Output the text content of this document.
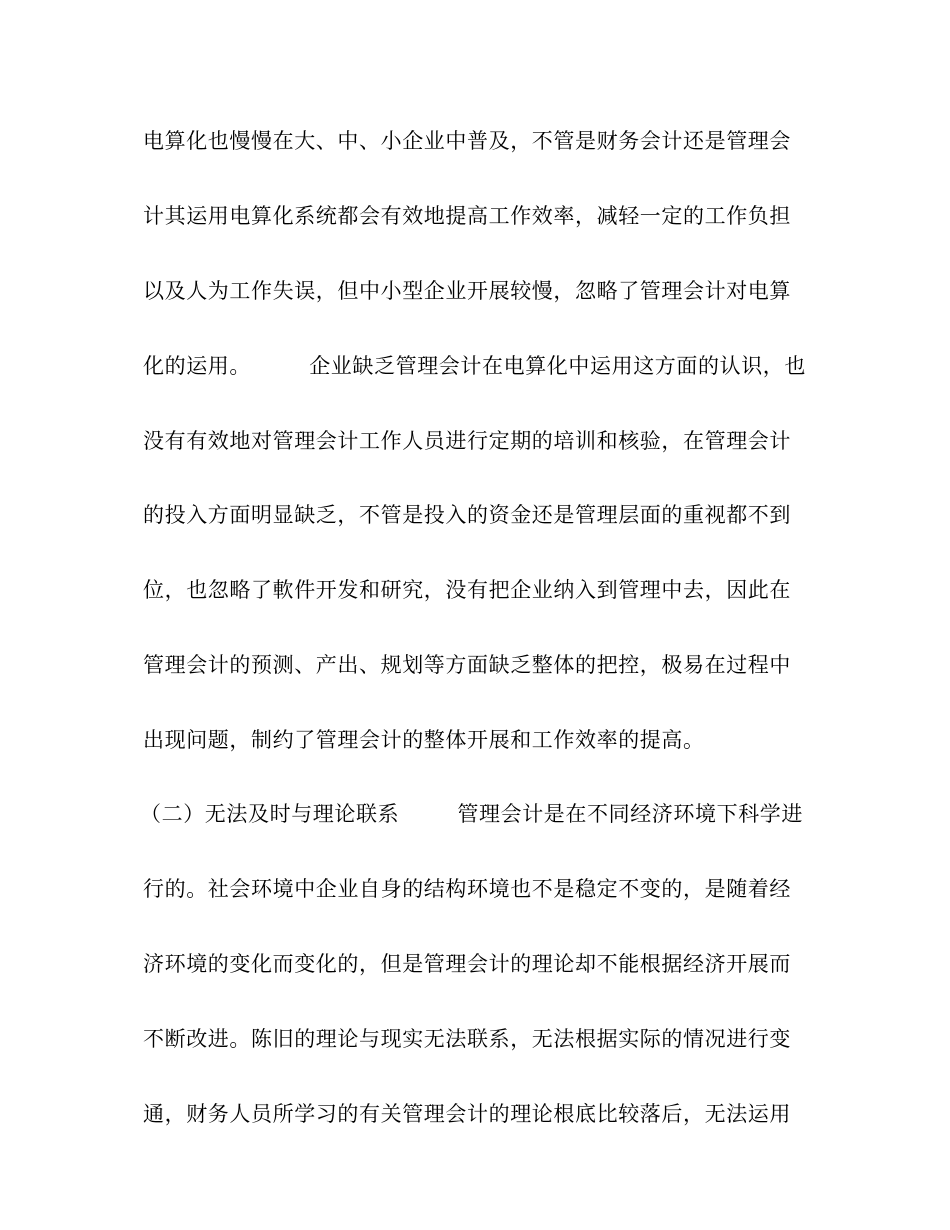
电算化也慢慢在大、中、小企业中普及，不管是财务会计还是管理会
计其运用电算化系统都会有效地提高工作效率，减轻一定的工作负担
以及人为工作失误，但中小型企业开展较慢，忽略了管理会计对电算
化的运用。        企业缺乏管理会计在电算化中运用这方面的认识，也
没有有效地对管理会计工作人员进行定期的培训和核验，在管理会计
的投入方面明显缺乏，不管是投入的资金还是管理层面的重视都不到
位，也忽略了軟件开发和研究，没有把企业纳入到管理中去，因此在
管理会计的预测、产出、规划等方面缺乏整体的把控，极易在过程中
出现问题，制约了管理会计的整体开展和工作效率的提高。
（二）无法及时与理论联系        管理会计是在不同经济环境下科学进
行的。社会环境中企业自身的结构环境也不是稳定不变的，是随着经
济环境的变化而变化的，但是管理会计的理论却不能根据经济开展而
不断改进。陈旧的理论与现实无法联系，无法根据实际的情况进行变
通，财务人员所学习的有关管理会计的理论根底比较落后，无法运用
